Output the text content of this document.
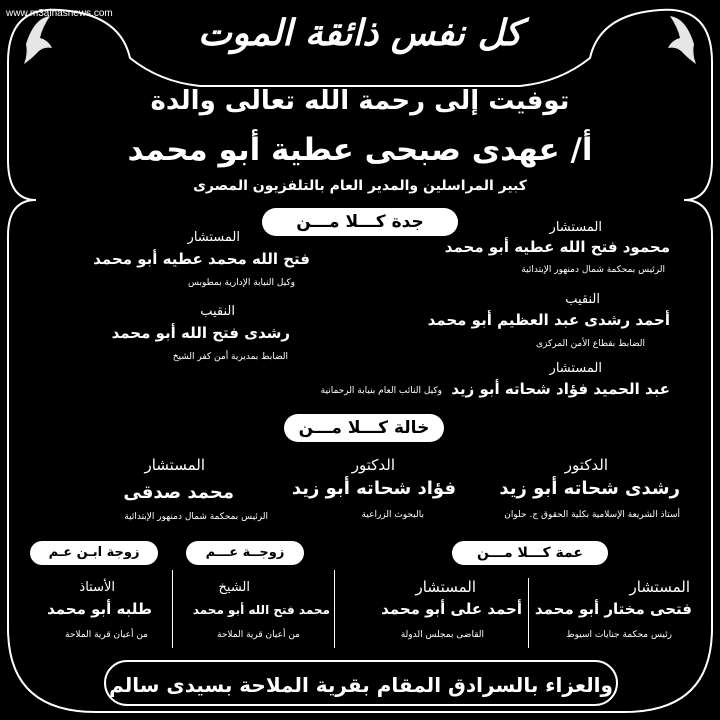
www.m3alnasnews.com	كل نفس ذائقة الموت
توفيت إلى رحمة الله تعالى والدة
أ/ عهدى صبحى عطية أبو محمد
كبير المراسلين والمدير العام بالتلفزيون المصرى
جدة كـــلا مـــن	المستشار
محمود فتح الله عطيه أبو محمد
الرئيس بمحكمة شمال دمنهور الإبتدائية
النقيب
أحمد رشدى عبد العظيم أبو محمد
الضابط بقطاع الأمن المركزى
المستشار
عبد الحميد فؤاد شحاته أبو زيد
وكيل النائب العام بنيابة الرحمانية
المستشار
فتح الله محمد عطيه أبو محمد
وكيل النيابة الإدارية بمطوبس
النقيب
رشدى فتح الله أبو محمد
الضابط بمديرية أمن كفر الشيخ
خالة كـــلا مـــن
الدكتور
رشدى شحاته أبو زيد
أستاذ الشريعة الإسلامية بكلية الحقوق ج. حلوان
الدكتور
فؤاد شحاته أبو زيد
بالبحوث الزراعية
المستشار
محمد صدقى
الرئيس بمحكمة شمال دمنهور الإبتدائية
عمة كـــلا مـــن
زوجــة عـــم
زوجة ابـن عـم
المستشار
فتحى مختار أبو محمد
رئيس محكمة جنايات اسيوط
المستشار
أحمد على أبو محمد
القاضى بمجلس الدولة
الشيخ
محمد فتح الله أبو محمد
من أعيان قرية الملاحة
الأستاذ
طلبه أبو محمد
من أعيان قرية الملاحة
والعزاء بالسرادق المقام بقرية الملاحة بسيدى سالم
